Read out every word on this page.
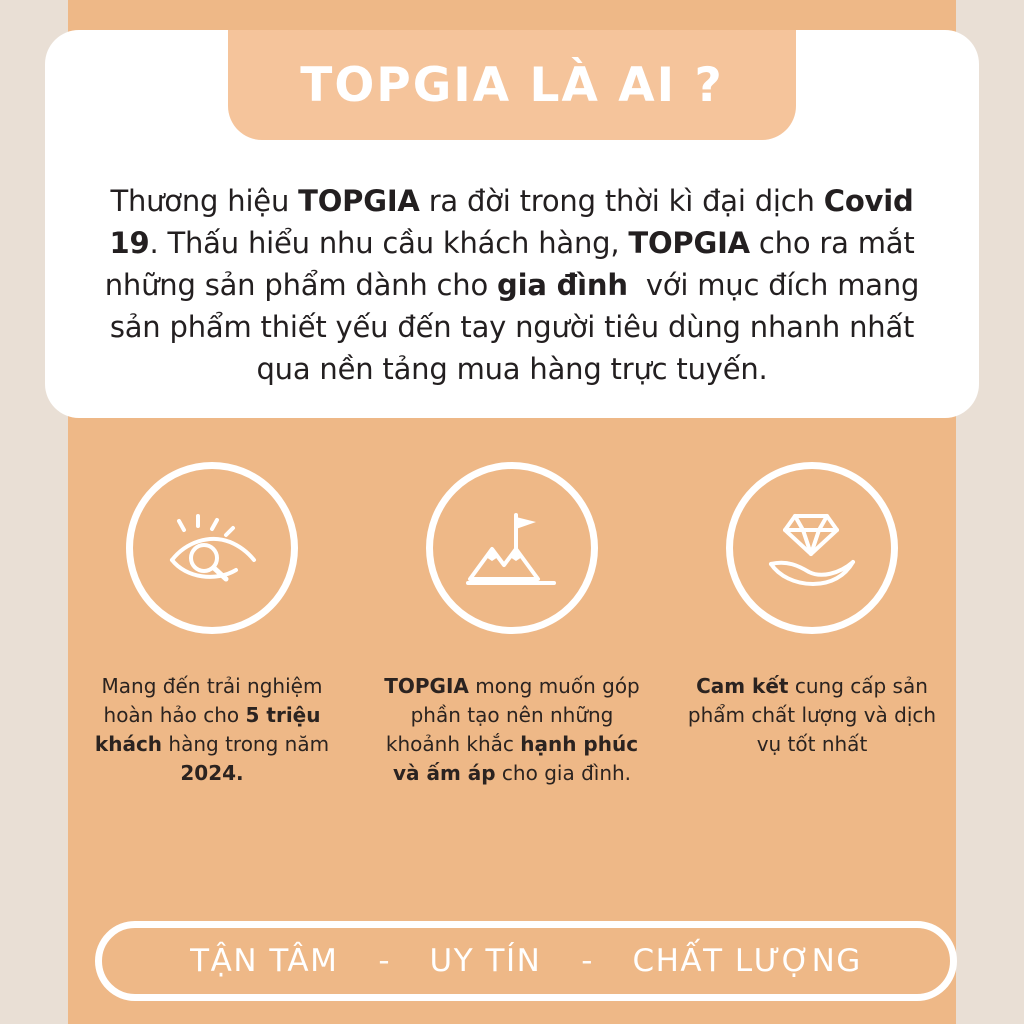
TOPGIA LÀ AI ?
Thương hiệu TOPGIA ra đời trong thời kì đại dịch Covid 19. Thấu hiểu nhu cầu khách hàng, TOPGIA cho ra mắt những sản phẩm dành cho gia đình  với mục đích mang sản phẩm thiết yếu đến tay người tiêu dùng nhanh nhất qua nền tảng mua hàng trực tuyến.
Mang đến trải nghiệm hoàn hảo cho 5 triệu khách hàng trong năm 2024.
TOPGIA mong muốn góp phần tạo nên những khoảnh khắc hạnh phúc và ấm áp cho gia đình.
Cam kết cung cấp sản phẩm chất lượng và dịch vụ tốt nhất
TẬN TÂM - UY TÍN - CHẤT LƯỢNG
